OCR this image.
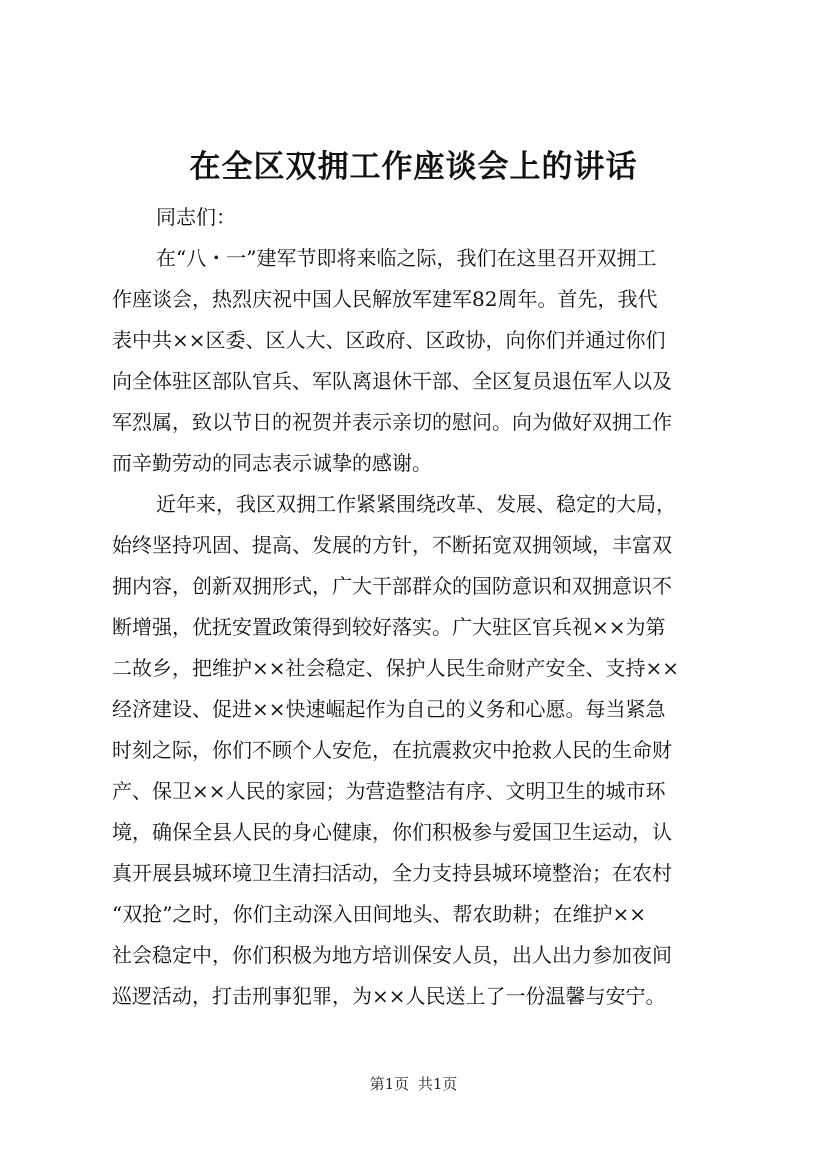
在全区双拥工作座谈会上的讲话

同志们：

在“八・一”建军节即将来临之际，我们在这里召开双拥工

作座谈会，热烈庆祝中国人民解放军建军82周年。首先，我代

表中共××区委、区人大、区政府、区政协，向你们并通过你们

向全体驻区部队官兵、军队离退休干部、全区复员退伍军人以及

军烈属，致以节日的祝贺并表示亲切的慰问。向为做好双拥工作

而辛勤劳动的同志表示诚挚的感谢。

近年来，我区双拥工作紧紧围绕改革、发展、稳定的大局，

始终坚持巩固、提高、发展的方针，不断拓宽双拥领域，丰富双

拥内容，创新双拥形式，广大干部群众的国防意识和双拥意识不

断增强，优抚安置政策得到较好落实。广大驻区官兵视××为第

二故乡，把维护××社会稳定、保护人民生命财产安全、支持××

经济建设、促进××快速崛起作为自己的义务和心愿。每当紧急

时刻之际，你们不顾个人安危，在抗震救灾中抢救人民的生命财

产、保卫××人民的家园；为营造整洁有序、文明卫生的城市环

境，确保全县人民的身心健康，你们积极参与爱国卫生运动，认

真开展县城环境卫生清扫活动，全力支持县城环境整治；在农村

“双抢”之时，你们主动深入田间地头、帮农助耕；在维护××

社会稳定中，你们积极为地方培训保安人员，出人出力参加夜间

巡逻活动，打击刑事犯罪，为××人民送上了一份温馨与安宁。

第1页 共1页
